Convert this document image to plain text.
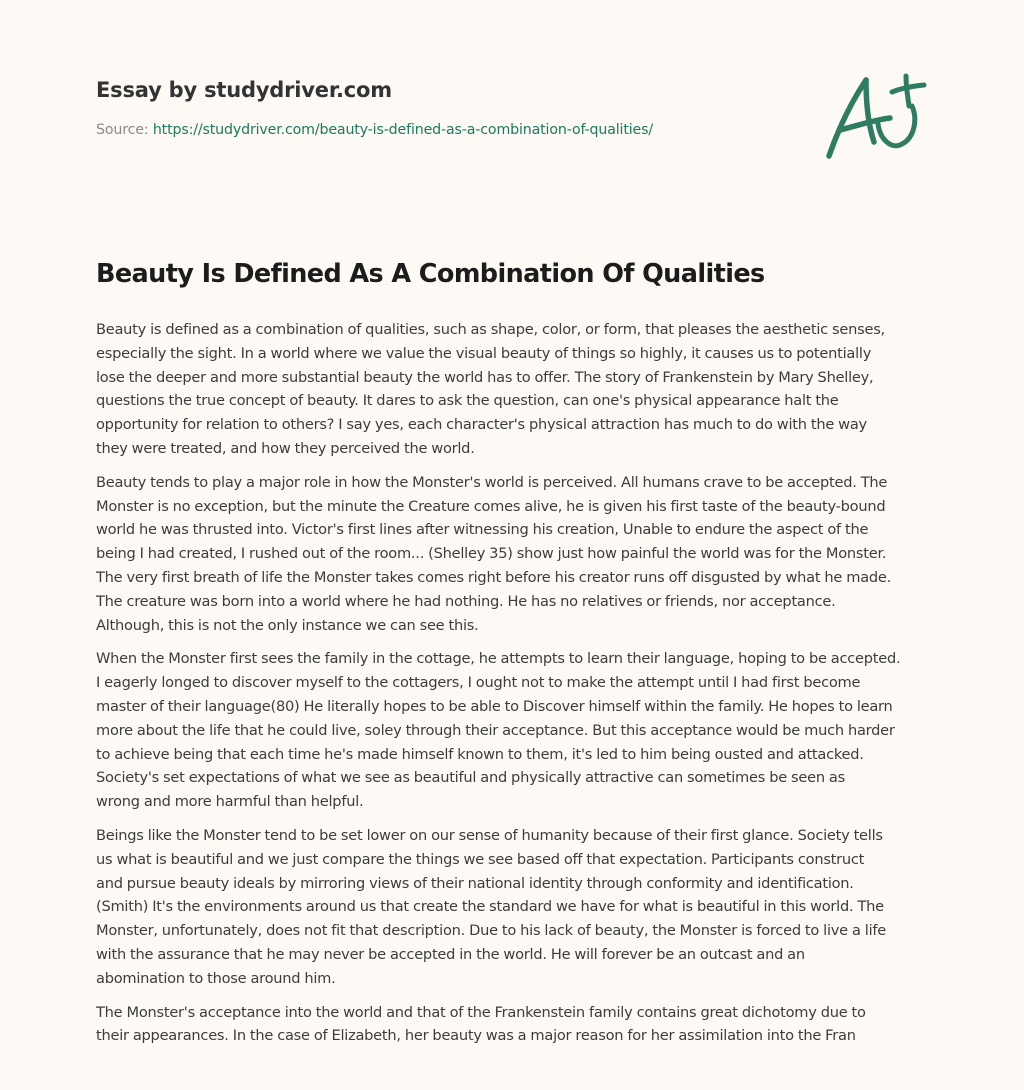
Essay by studydriver.com
Source: https://studydriver.com/beauty-is-defined-as-a-combination-of-qualities/
Beauty Is Defined As A Combination Of Qualities

Beauty is defined as a combination of qualities, such as shape, color, or form, that pleases the aesthetic senses,
especially the sight. In a world where we value the visual beauty of things so highly, it causes us to potentially
lose the deeper and more substantial beauty the world has to offer. The story of Frankenstein by Mary Shelley,
questions the true concept of beauty. It dares to ask the question, can one's physical appearance halt the
opportunity for relation to others? I say yes, each character's physical attraction has much to do with the way
they were treated, and how they perceived the world.

Beauty tends to play a major role in how the Monster's world is perceived. All humans crave to be accepted. The
Monster is no exception, but the minute the Creature comes alive, he is given his first taste of the beauty-bound
world he was thrusted into. Victor's first lines after witnessing his creation, Unable to endure the aspect of the
being I had created, I rushed out of the room... (Shelley 35) show just how painful the world was for the Monster.
The very first breath of life the Monster takes comes right before his creator runs off disgusted by what he made.
The creature was born into a world where he had nothing. He has no relatives or friends, nor acceptance.
Although, this is not the only instance we can see this.

When the Monster first sees the family in the cottage, he attempts to learn their language, hoping to be accepted.
I eagerly longed to discover myself to the cottagers, I ought not to make the attempt until I had first become
master of their language(80) He literally hopes to be able to Discover himself within the family. He hopes to learn
more about the life that he could live, soley through their acceptance. But this acceptance would be much harder
to achieve being that each time he's made himself known to them, it's led to him being ousted and attacked.
Society's set expectations of what we see as beautiful and physically attractive can sometimes be seen as
wrong and more harmful than helpful.

Beings like the Monster tend to be set lower on our sense of humanity because of their first glance. Society tells
us what is beautiful and we just compare the things we see based off that expectation. Participants construct
and pursue beauty ideals by mirroring views of their national identity through conformity and identification.
(Smith) It's the environments around us that create the standard we have for what is beautiful in this world. The
Monster, unfortunately, does not fit that description. Due to his lack of beauty, the Monster is forced to live a life
with the assurance that he may never be accepted in the world. He will forever be an outcast and an
abomination to those around him.

The Monster's acceptance into the world and that of the Frankenstein family contains great dichotomy due to
their appearances. In the case of Elizabeth, her beauty was a major reason for her assimilation into the Fran
